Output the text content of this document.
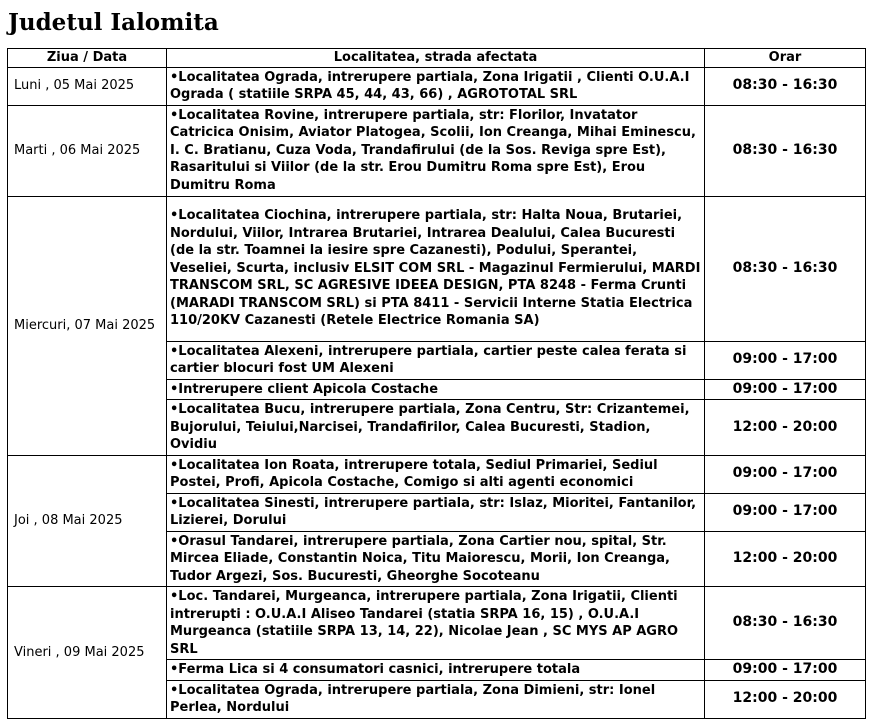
Judetul Ialomita
Ziua / Data	Localitatea, strada afectata	Orar
Luni , 05 Mai 2025	•Localitatea Ograda, intrerupere partiala, Zona Irigatii , Clienti O.U.A.I Ograda ( statiile SRPA 45, 44, 43, 66) , AGROTOTAL SRL	08:30 - 16:30
Marti , 06 Mai 2025	•Localitatea Rovine, intrerupere partiala, str: Florilor, Invatator Catricica Onisim, Aviator Platogea, Scolii, Ion Creanga, Mihai Eminescu, I. C. Bratianu, Cuza Voda, Trandafirului (de la Sos. Reviga spre Est), Rasaritului si Viilor (de la str. Erou Dumitru Roma spre Est), Erou Dumitru Roma	08:30 - 16:30
Miercuri, 07 Mai 2025	•Localitatea Ciochina, intrerupere partiala, str: Halta Noua, Brutariei, Nordului, Viilor, Intrarea Brutariei, Intrarea Dealului, Calea Bucuresti (de la str. Toamnei la iesire spre Cazanesti), Podului, Sperantei, Veseliei, Scurta, inclusiv ELSIT COM SRL - Magazinul Fermierului, MARDI TRANSCOM SRL, SC AGRESIVE IDEEA DESIGN, PTA 8248 - Ferma Crunti (MARADI TRANSCOM SRL) si PTA 8411 - Servicii Interne Statia Electrica 110/20KV Cazanesti (Retele Electrice Romania SA)	08:30 - 16:30
	•Localitatea Alexeni, intrerupere partiala, cartier peste calea ferata si cartier blocuri fost UM Alexeni	09:00 - 17:00
	•Intrerupere client Apicola Costache	09:00 - 17:00
	•Localitatea Bucu, intrerupere partiala, Zona Centru, Str: Crizantemei, Bujorului, Teiului,Narcisei, Trandafirilor, Calea Bucuresti, Stadion, Ovidiu	12:00 - 20:00
Joi , 08 Mai 2025	•Localitatea Ion Roata, intrerupere totala, Sediul Primariei, Sediul Postei, Profi, Apicola Costache, Comigo si alti agenti economici	09:00 - 17:00
	•Localitatea Sinesti, intrerupere partiala, str: Islaz, Mioritei, Fantanilor, Lizierei, Dorului	09:00 - 17:00
	•Orasul Tandarei, intrerupere partiala, Zona Cartier nou, spital, Str. Mircea Eliade, Constantin Noica, Titu Maiorescu, Morii, Ion Creanga, Tudor Argezi, Sos. Bucuresti, Gheorghe Socoteanu	12:00 - 20:00
Vineri , 09 Mai 2025	•Loc. Tandarei, Murgeanca, intrerupere partiala, Zona Irigatii, Clienti intrerupti : O.U.A.I Aliseo Tandarei (statia SRPA 16, 15) , O.U.A.I Murgeanca (statiile SRPA 13, 14, 22), Nicolae Jean , SC MYS AP AGRO SRL	08:30 - 16:30
	•Ferma Lica si 4 consumatori casnici, intrerupere totala	09:00 - 17:00
	•Localitatea Ograda, intrerupere partiala, Zona Dimieni, str: Ionel Perlea, Nordului	12:00 - 20:00
